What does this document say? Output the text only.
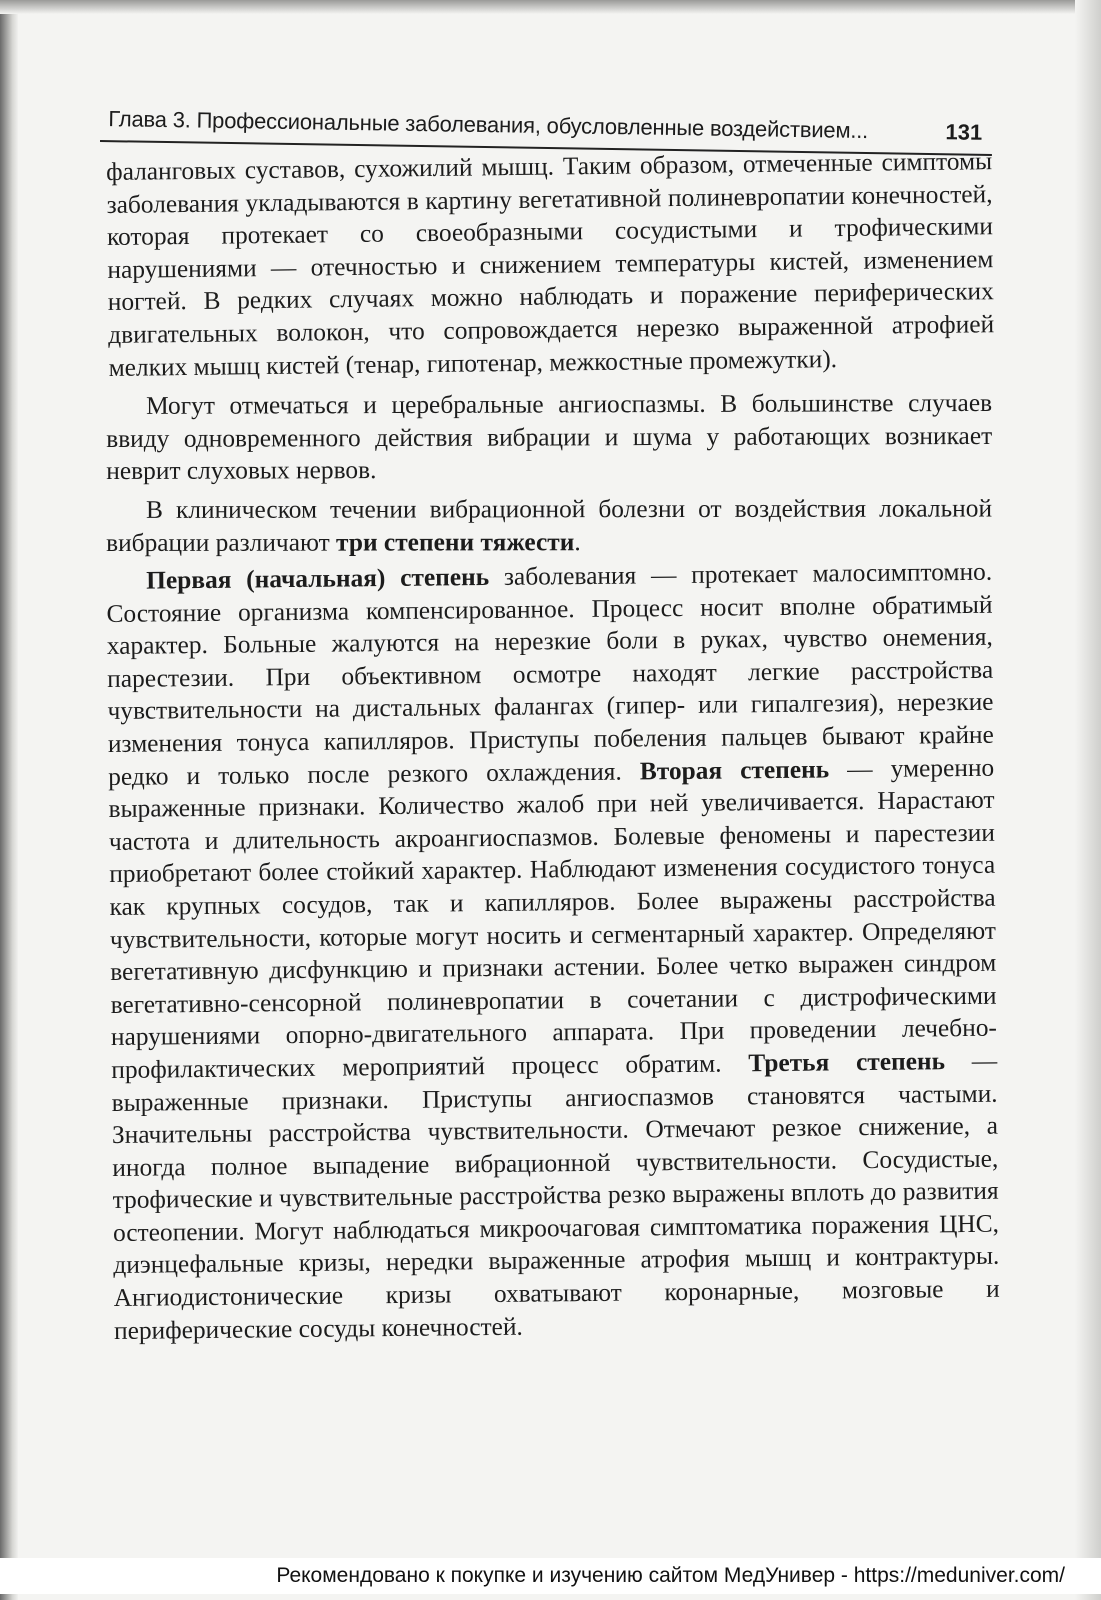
Глава 3. Профессиональные заболевания, обусловленные воздействием...	131

фаланговых суставов, сухожилий мышц. Таким образом, отмеченные симптомы заболевания укладываются в картину вегетативной полиневропатии конечностей, которая протекает со своеобразными сосудистыми и трофическими нарушениями — отечностью и снижением температуры кистей, изменением ногтей. В редких случаях можно наблюдать и поражение периферических двигательных волокон, что сопровождается нерезко выраженной атрофией мелких мышц кистей (тенар, гипотенар, межкостные промежутки).

Могут отмечаться и церебральные ангиоспазмы. В большинстве случаев ввиду одновременного действия вибрации и шума у работающих возникает неврит слуховых нервов.

В клиническом течении вибрационной болезни от воздействия локальной вибрации различают три степени тяжести.

Первая (начальная) степень заболевания — протекает малосимптомно. Состояние организма компенсированное. Процесс носит вполне обратимый характер. Больные жалуются на нерезкие боли в руках, чувство онемения, парестезии. При объективном осмотре находят легкие расстройства чувствительности на дистальных фалангах (гипер- или гипалгезия), нерезкие изменения тонуса капилляров. Приступы побеления пальцев бывают крайне редко и только после резкого охлаждения. Вторая степень — умеренно выраженные признаки. Количество жалоб при ней увеличивается. Нарастают частота и длительность акроангиоспазмов. Болевые феномены и парестезии приобретают более стойкий характер. Наблюдают изменения сосудистого тонуса как крупных сосудов, так и капилляров. Более выражены расстройства чувствительности, которые могут носить и сегментарный характер. Определяют вегетативную дисфункцию и признаки астении. Более четко выражен синдром вегетативно-сенсорной полиневропатии в сочетании с дистрофическими нарушениями опорно-двигательного аппарата. При проведении лечебно-профилактических мероприятий процесс обратим. Третья степень — выраженные признаки. Приступы ангиоспазмов становятся частыми. Значительны расстройства чувствительности. Отмечают резкое снижение, а иногда полное выпадение вибрационной чувствительности. Сосудистые, трофические и чувствительные расстройства резко выражены вплоть до развития остеопении. Могут наблюдаться микроочаговая симптоматика поражения ЦНС, диэнцефальные кризы, нередки выраженные атрофия мышц и контрактуры. Ангиодистонические кризы охватывают коронарные, мозговые и периферические сосуды конечностей.

Рекомендовано к покупке и изучению сайтом МедУнивер - https://meduniver.com/
